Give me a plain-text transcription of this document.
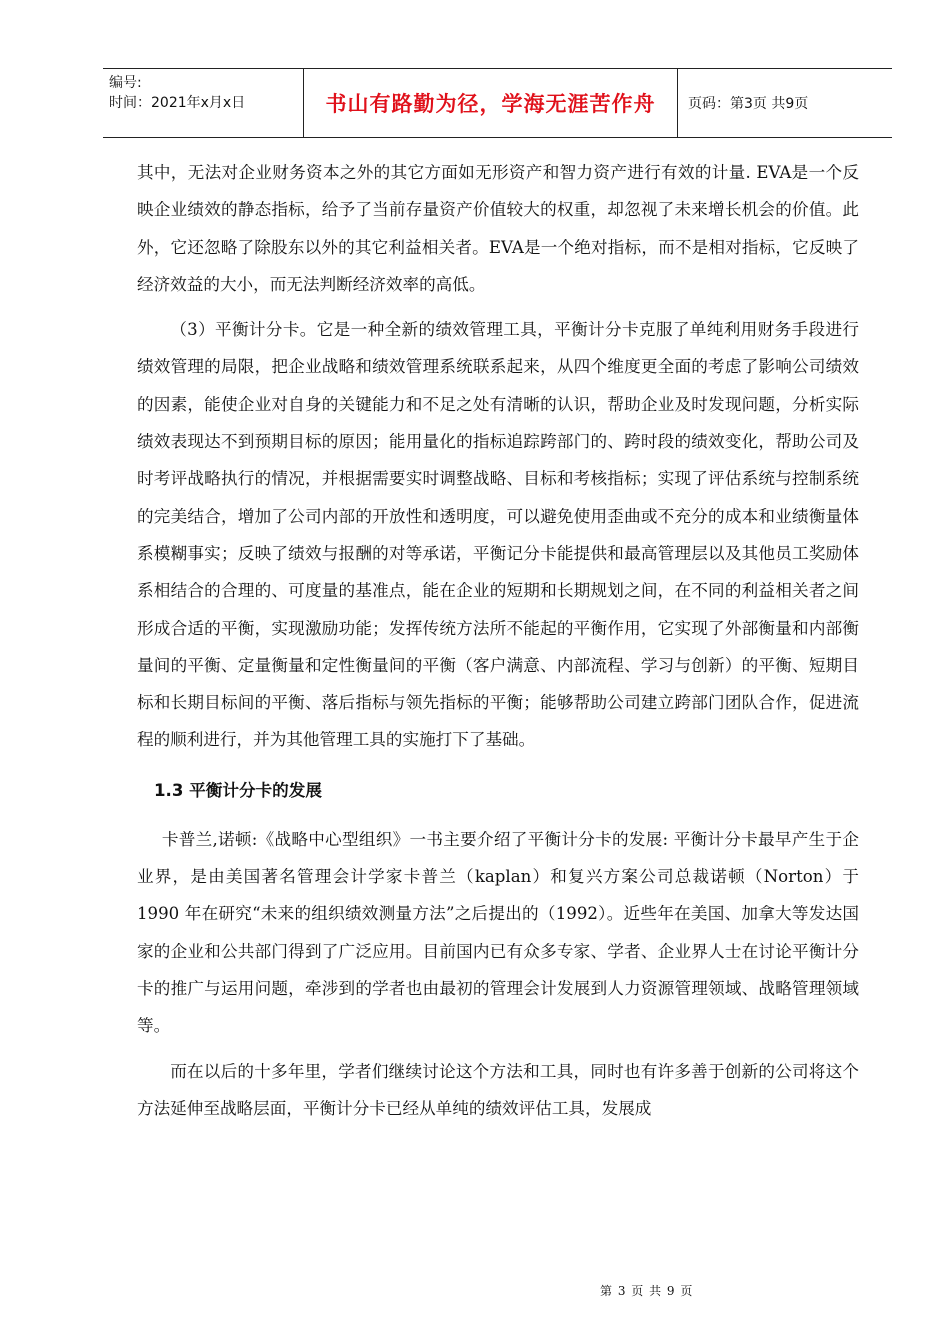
编号:
时间：2021年x月x日	书山有路勤为径，学海无涯苦作舟 页码：第3页 共9页

其中，无法对企业财务资本之外的其它方面如无形资产和智力资产进行有效的计量. EVA是一个反映企业绩效的静态指标，给予了当前存量资产价值较大的权重，却忽视了未来增长机会的价值。此外，它还忽略了除股东以外的其它利益相关者。EVA是一个绝对指标，而不是相对指标，它反映了经济效益的大小，而无法判断经济效率的高低。

（3）平衡计分卡。它是一种全新的绩效管理工具，平衡计分卡克服了单纯利用财务手段进行绩效管理的局限，把企业战略和绩效管理系统联系起来，从四个维度更全面的考虑了影响公司绩效的因素，能使企业对自身的关键能力和不足之处有清晰的认识，帮助企业及时发现问题，分析实际绩效表现达不到预期目标的原因；能用量化的指标追踪跨部门的、跨时段的绩效变化，帮助公司及时考评战略执行的情况，并根据需要实时调整战略、目标和考核指标；实现了评估系统与控制系统的完美结合，增加了公司内部的开放性和透明度，可以避免使用歪曲或不充分的成本和业绩衡量体系模糊事实；反映了绩效与报酬的对等承诺，平衡记分卡能提供和最高管理层以及其他员工奖励体系相结合的合理的、可度量的基准点，能在企业的短期和长期规划之间，在不同的利益相关者之间形成合适的平衡，实现激励功能；发挥传统方法所不能起的平衡作用，它实现了外部衡量和内部衡量间的平衡、定量衡量和定性衡量间的平衡（客户满意、内部流程、学习与创新）的平衡、短期目标和长期目标间的平衡、落后指标与领先指标的平衡；能够帮助公司建立跨部门团队合作，促进流程的顺利进行，并为其他管理工具的实施打下了基础。

1.3 平衡计分卡的发展

卡普兰,诺顿:《战略中心型组织》一书主要介绍了平衡计分卡的发展: 平衡计分卡最早产生于企业界，是由美国著名管理会计学家卡普兰（kaplan）和复兴方案公司总裁诺顿（Norton）于 1990 年在研究“未来的组织绩效测量方法”之后提出的（1992）。近些年在美国、加拿大等发达国家的企业和公共部门得到了广泛应用。目前国内已有众多专家、学者、企业界人士在讨论平衡计分卡的推广与运用问题，牵涉到的学者也由最初的管理会计发展到人力资源管理领域、战略管理领域等。

而在以后的十多年里，学者们继续讨论这个方法和工具，同时也有许多善于创新的公司将这个方法延伸至战略层面，平衡计分卡已经从单纯的绩效评估工具，发展成

第 3 页 共 9 页
